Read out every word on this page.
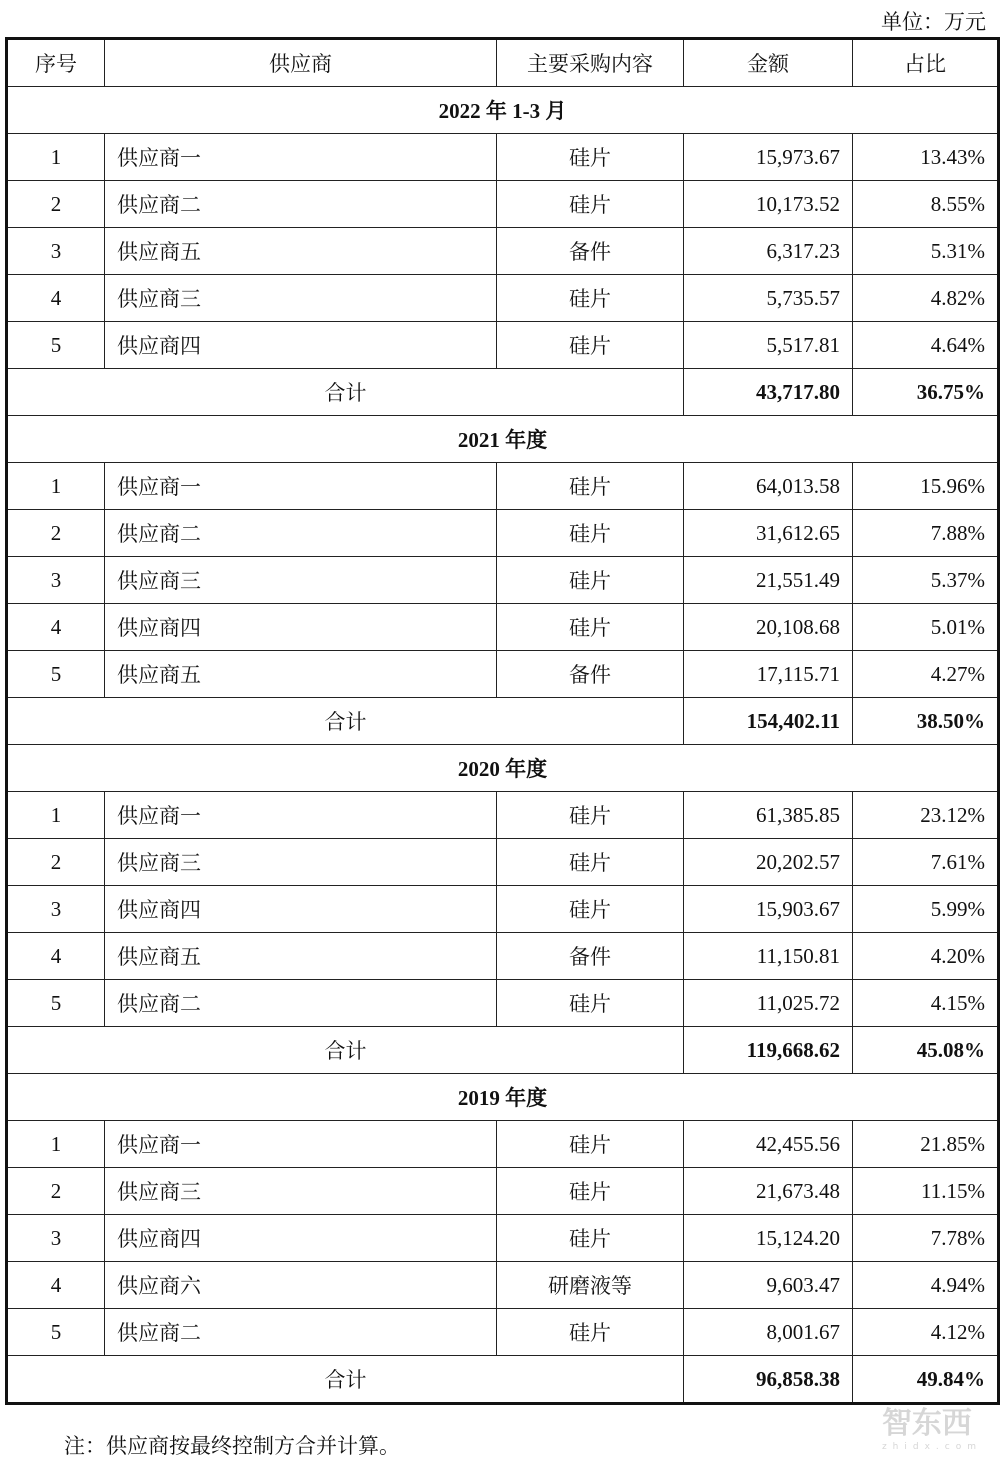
单位：万元
序号	供应商	主要采购内容	金额	占比
2022 年 1-3 月				
1	供应商一	硅片	15,973.67	13.43%
2	供应商二	硅片	10,173.52	8.55%
3	供应商五	备件	6,317.23	5.31%
4	供应商三	硅片	5,735.57	4.82%
5	供应商四	硅片	5,517.81	4.64%
合计			43,717.80	36.75%
2021 年度				
1	供应商一	硅片	64,013.58	15.96%
2	供应商二	硅片	31,612.65	7.88%
3	供应商三	硅片	21,551.49	5.37%
4	供应商四	硅片	20,108.68	5.01%
5	供应商五	备件	17,115.71	4.27%
合计			154,402.11	38.50%
2020 年度				
1	供应商一	硅片	61,385.85	23.12%
2	供应商三	硅片	20,202.57	7.61%
3	供应商四	硅片	15,903.67	5.99%
4	供应商五	备件	11,150.81	4.20%
5	供应商二	硅片	11,025.72	4.15%
合计			119,668.62	45.08%
2019 年度				
1	供应商一	硅片	42,455.56	21.85%
2	供应商三	硅片	21,673.48	11.15%
3	供应商四	硅片	15,124.20	7.78%
4	供应商六	研磨液等	9,603.47	4.94%
5	供应商二	硅片	8,001.67	4.12%
合计			96,858.38	49.84%
注：供应商按最终控制方合并计算。
智东西
zhidx.com
